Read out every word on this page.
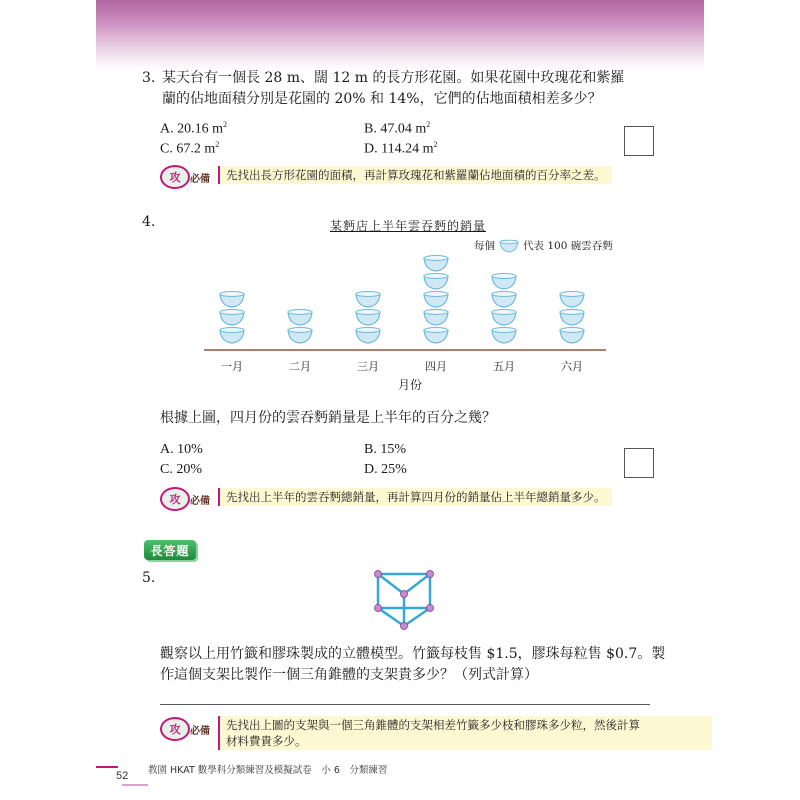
3. 某天台有一個長 28 m、闊 12 m 的長方形花園。如果花園中玫瑰花和紫羅
蘭的佔地面積分別是花園的 20% 和 14%，它們的佔地面積相差多少？
A. 20.16 $m^2$	B. 47.04 $m^2$
C. 67.2 $m^2$	D. 114.24 $m^2$
攻 必備	先找出長方形花園的面積，再計算玫瑰花和紫羅蘭佔地面積的百分率之差。
4.	某麪店上半年雲吞麪的銷量
每個	代表 100 碗雲吞麪
一月	二月	三月	四月	五月	六月
月份
根據上圖，四月份的雲吞麪銷量是上半年的百分之幾？
A. 10%	B. 15%
C. 20%	D. 25%
攻 必備	先找出上半年的雲吞麪總銷量，再計算四月份的銷量佔上半年總銷量多少。
長答題
5.
觀察以上用竹籤和膠珠製成的立體模型。竹籤每枝售 $1.5，膠珠每粒售 $0.7。製
作這個支架比製作一個三角錐體的支架貴多少？（列式計算）
攻 必備 先找出上圖的支架與一個三角錐體的支架相差竹籤多少枝和膠珠多少粒，然後計算
材料費貴多少。
52 教園 HKAT 數學科分類練習及模擬試卷　小 6　分類練習
